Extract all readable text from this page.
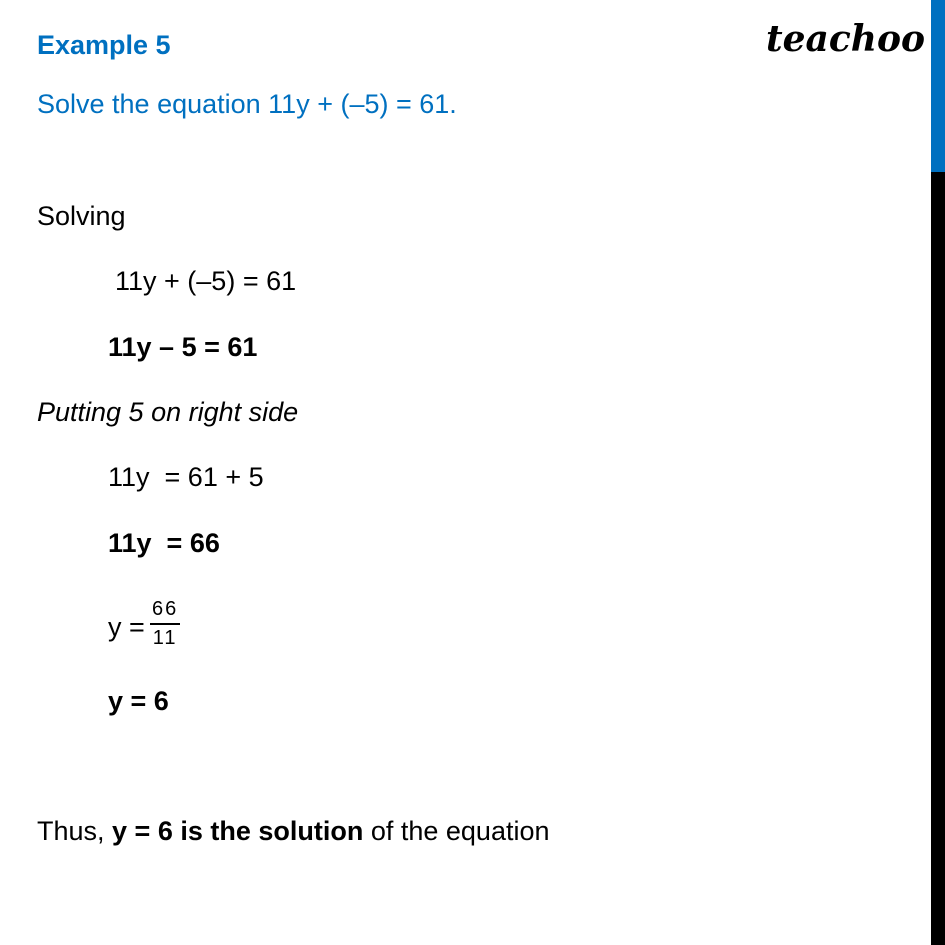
Example 5
Solve the equation 11y + (–5) = 61.
teachoo
Solving
11y + (–5) = 61
11y – 5 = 61
Putting 5 on right side
11y  = 61 + 5
11y  = 66
$y = \frac{66}{11}$
y = 6
Thus, y = 6 is the solution of the equation
